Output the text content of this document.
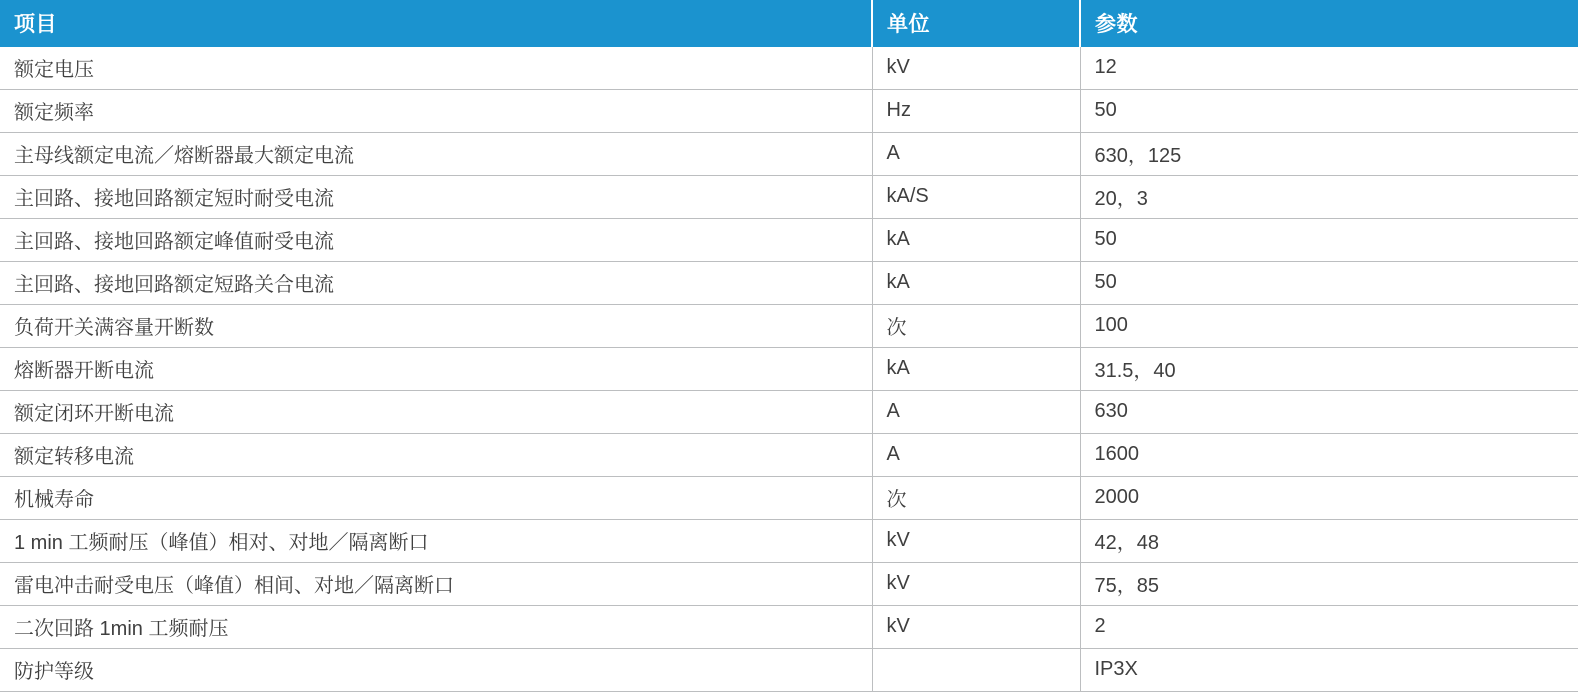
项目	单位	参数
额定电压	kV	12
额定频率	Hz	50
主母线额定电流／熔断器最大额定电流	A	630，125
主回路、接地回路额定短时耐受电流	kA/S	20，3
主回路、接地回路额定峰值耐受电流	kA	50
主回路、接地回路额定短路关合电流	kA	50
负荷开关满容量开断数	次	100
熔断器开断电流	kA	31.5，40
额定闭环开断电流	A	630
额定转移电流	A	1600
机械寿命	次	2000
1 min 工频耐压（峰值）相对、对地／隔离断口	kV	42，48
雷电冲击耐受电压（峰值）相间、对地／隔离断口	kV	75，85
二次回路 1min 工频耐压	kV	2
防护等级		IP3X
